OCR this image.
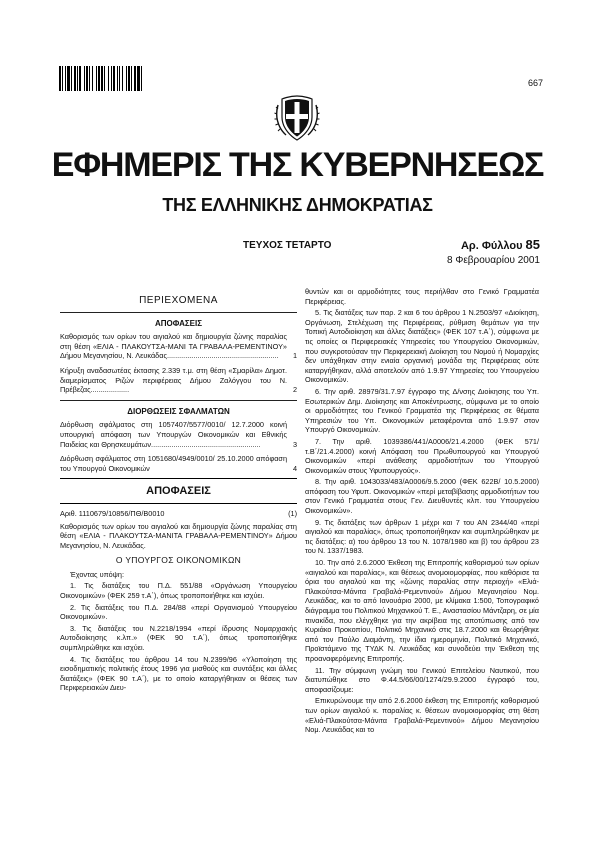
667
ΕΦΗΜΕΡΙΣ ΤΗΣ ΚΥΒΕΡΝΗΣΕΩΣ
ΤΗΣ ΕΛΛΗΝΙΚΗΣ ΔΗΜΟΚΡΑΤΙΑΣ
ΤΕΥΧΟΣ ΤΕΤΑΡΤΟ	Αρ. Φύλλου 85
8 Φεβρουαρίου 2001
ΠΕΡΙΕΧΟΜΕΝΑ
ΑΠΟΦΑΣΕΙΣ
Καθορισμός των ορίων του αιγιαλού και δημιουργία ζώνης παραλίας στη θέση «ΕΛΙΑ - ΠΛΑΚΟΥΤΣΑ-ΜΑΝΙ ΤΑ ΓΡΑΒΑΛΑ-ΡΕΜΕΝΤΙΝΟΥ» Δήμου Μεγανησίου, Ν. Λευκάδας.......................................................	1
Κήρυξη αναδασωτέας έκτασης 2.339 τ.μ. στη θέση «Σμαρίλα» Δημοτ. διαμερίσματος Ριζών περιφέρειας Δήμου Ζαλόγγου του Ν. Πρέβεζας...................	2
ΔΙΟΡΘΩΣΕΙΣ ΣΦΑΛΜΑΤΩΝ
Διόρθωση σφάλματος στη 1057407/5577/0010/ 12.7.2000 κοινή υπουργική απόφαση των Υπουργών Οικονομικών και Εθνικής Παιδείας και Θρησκευμάτων......................................................	3
Διόρθωση σφάλματος στη 1051680/4949/0010/ 25.10.2000 απόφαση του Υπουργού Οικονομικών	4
ΑΠΟΦΑΣΕΙΣ
Αριθ. 1110679/10856/ΠΘ/Β0010	(1)

Καθορισμός των ορίων του αιγιαλού και δημιουργία ζώνης παραλίας στη θέση «ΕΛΙΑ - ΠΛΑΚΟΥΤΣΑ-ΜΑΝΙΤΑ ΓΡΑΒΑΛΑ-ΡΕΜΕΝΤΙΝΟΥ» Δήμου Μεγανησίου, Ν. Λευκάδας.

Ο ΥΠΟΥΡΓΟΣ ΟΙΚΟΝΟΜΙΚΩΝ

Έχοντας υπόψη:

1. Τις διατάξεις του Π.Δ. 551/88 «Οργάνωση Υπουργείου Οικονομικών» (ΦΕΚ 259 τ.Α΄), όπως τροποποιήθηκε και ισχύει.

2. Τις διατάξεις του Π.Δ. 284/88 «περί Οργανισμού Υπουργείου Οικονομικών».

3. Τις διατάξεις του Ν.2218/1994 «περί ίδρυσης Νομαρχιακής Αυτοδιοίκησης κ.λπ.» (ΦΕΚ 90 τ.Α΄), όπως τροποποιήθηκε συμπληρώθηκε και ισχύει.

4. Τις διατάξεις του άρθρου 14 του Ν.2399/96 «Υλοποίηση της εισοδηματικής πολιτικής έτους 1996 για μισθούς και συντάξεις και άλλες διατάξεις» (ΦΕΚ 90 τ.Α΄), με το οποίο καταργήθηκαν οι θέσεις των Περιφερειακών Διευ-

θυντών και οι αρμοδιότητες τους περιήλθαν στο Γενικό Γραμματέα Περιφέρειας.

5. Τις διατάξεις των παρ. 2 και 6 του άρθρου 1 Ν.2503/97 «Διοίκηση, Οργάνωση, Στελέχωση της Περιφέρειας, ρύθμιση θεμάτων για την Τοπική Αυτοδιοίκηση και άλλες διατάξεις» (ΦΕΚ 107 τ.Α΄), σύμφωνα με τις οποίες οι Περιφερειακές Υπηρεσίες του Υπουργείου Οικονομικών, που συγκροτούσαν την Περιφερειακή Διοίκηση του Νομού ή Νομαρχίες δεν υπάχθηκαν στην ενιαία οργανική μονάδα της Περιφέρειας ούτε καταργήθηκαν, αλλά αποτελούν από 1.9.97 Υπηρεσίες του Υπουργείου Οικονομικών.

6. Την αριθ. 28979/31.7.97 έγγραφο της Δ/νσης Διοίκησης του Υπ. Εσωτερικών Δημ. Διοίκησης και Αποκέντρωσης, σύμφωνα με το οποίο οι αρμοδιότητες του Γενικού Γραμματέα της Περιφέρειας σε θέματα Υπηρεσιών του Υπ. Οικονομικών μεταφέρονται από 1.9.97 στον Υπουργό Οικονομικών.

7. Την αριθ. 1039386/441/Α0006/21.4.2000 (ΦΕΚ 571/τ.Β΄/21.4.2000) κοινή Απόφαση του Πρωθυπουργού και Υπουργού Οικονομικών «περί ανάθεσης αρμοδιοτήτων του Υπουργού Οικονομικών στους Υφυπουργούς».

8. Την αριθ. 1043033/483/Α0006/9.5.2000 (ΦΕΚ 622Β/ 10.5.2000) απόφαση του Υφυπ. Οικονομικών «περί μεταβίβασης αρμοδιοτήτων του στον Γενικό Γραμματέα στους Γεν. Διευθυντές κλπ. του Υπουργείου Οικονομικών».

9. Τις διατάξεις των άρθρων 1 μέχρι και 7 του ΑΝ 2344/40 «περί αιγιαλού και παραλίας», όπως τροποποιήθηκαν και συμπληρώθηκαν με τις διατάξεις: α) του άρθρου 13 του Ν. 1078/1980 και β) του άρθρου 23 του Ν. 1337/1983.

10. Την από 2.6.2000 Έκθεση της Επιτροπής καθορισμού των ορίων «αιγιαλού και παραλίας», και θέσεως ανομοιομορφίας, που καθόρισε τα όρια του αιγιαλού και της «ζώνης παραλίας στην περιοχή» «Ελιά-Πλακούτσα-Μάνιτα Γραβαλά-Ρεμεντινού» Δήμου Μεγανησίου Νομ. Λευκάδας, και το από Ιανουάριο 2000, με κλίμακα 1:500, Τοπογραφικό διάγραμμα του Πολιτικού Μηχανικού Τ. Ε., Αναστασίου Μάντζαρη, σε μία πινακίδα, που ελέγχθηκε για την ακρίβεια της αποτύπωσης από τον Κυριάκο Προκοπίου, Πολιτικό Μηχανικό στις 18.7.2000 και θεωρήθηκε από τον Παύλο Διαμάντη, την ίδια ημερομηνία, Πολιτικό Μηχανικό, Προϊστάμενο της ΤΥΔΚ Ν. Λευκάδας και συνοδεύει την Έκθεση της προαναφερόμενης Επιτροπής.

11. Την σύμφωνη γνώμη του Γενικού Επιτελείου Ναυτικού, που διατυπώθηκε στο Φ.44.5/66/00/1274/29.9.2000 έγγραφό του, αποφασίζουμε:

Επικυρώνουμε την από 2.6.2000 έκθεση της Επιτροπής καθορισμού των ορίων αιγιαλού κ. παραλίας κ. θέσεων ανομοιομορφίας στη θέση «Ελιά-Πλακούτσα-Μάνιτα Γραβαλά-Ρεμεντινού» Δήμου Μεγανησίου Νομ. Λευκάδας και το
